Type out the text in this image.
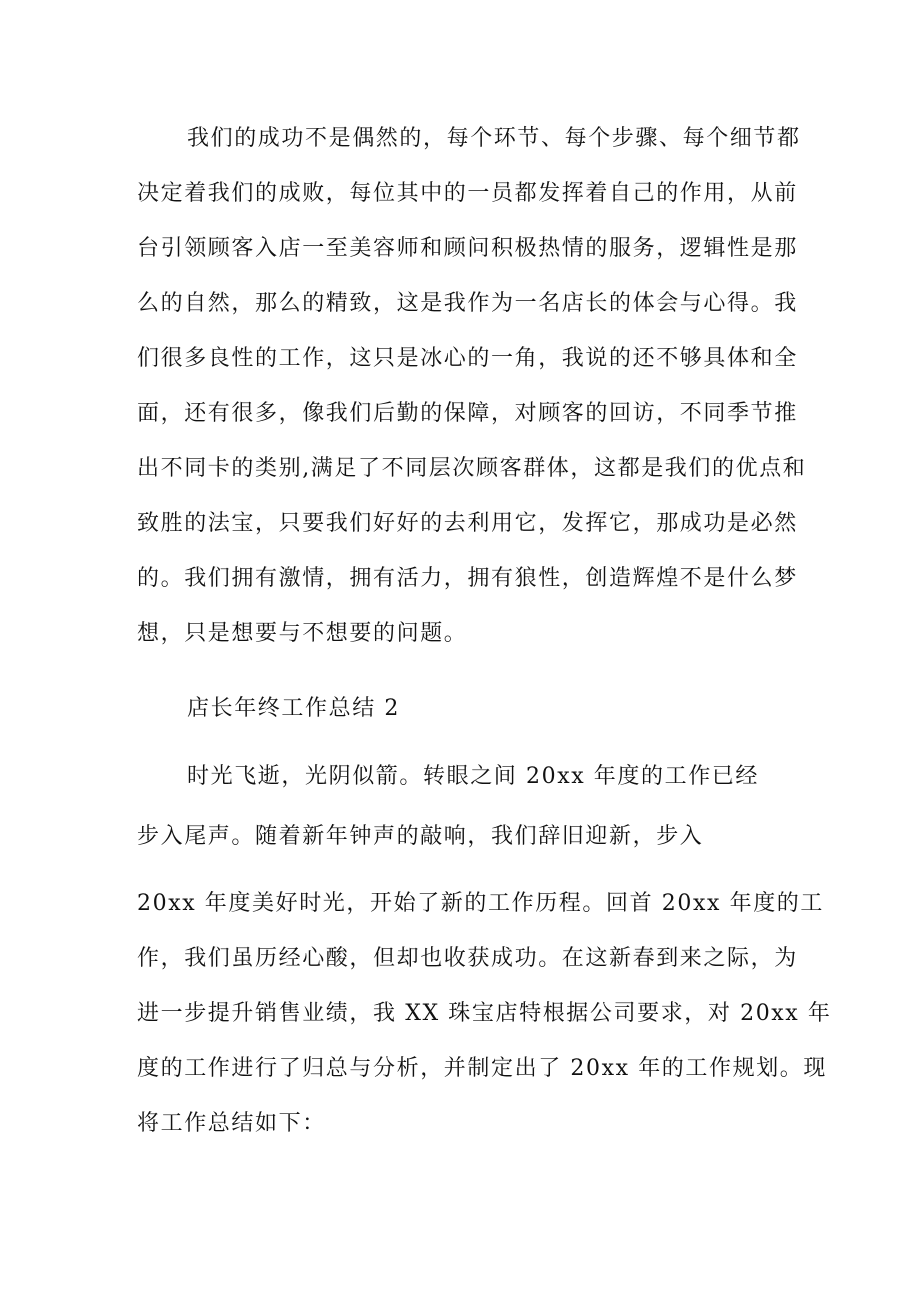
我们的成功不是偶然的，每个环节、每个步骤、每个细节都
决定着我们的成败，每位其中的一员都发挥着自己的作用，从前
台引领顾客入店一至美容师和顾问积极热情的服务，逻辑性是那
么的自然，那么的精致，这是我作为一名店长的体会与心得。我
们很多良性的工作，这只是冰心的一角，我说的还不够具体和全
面，还有很多，像我们后勤的保障，对顾客的回访，不同季节推
出不同卡的类别,满足了不同层次顾客群体，这都是我们的优点和
致胜的法宝，只要我们好好的去利用它，发挥它，那成功是必然
的。我们拥有激情，拥有活力，拥有狼性，创造辉煌不是什么梦
想，只是想要与不想要的问题。
店长年终工作总结 2
时光飞逝，光阴似箭。转眼之间 20xx 年度的工作已经
步入尾声。随着新年钟声的敲响，我们辞旧迎新，步入
20xx 年度美好时光，开始了新的工作历程。回首 20xx 年度的工
作，我们虽历经心酸，但却也收获成功。在这新春到来之际，为
进一步提升销售业绩，我 XX 珠宝店特根据公司要求，对 20xx 年
度的工作进行了归总与分析，并制定出了 20xx 年的工作规划。现
将工作总结如下：
